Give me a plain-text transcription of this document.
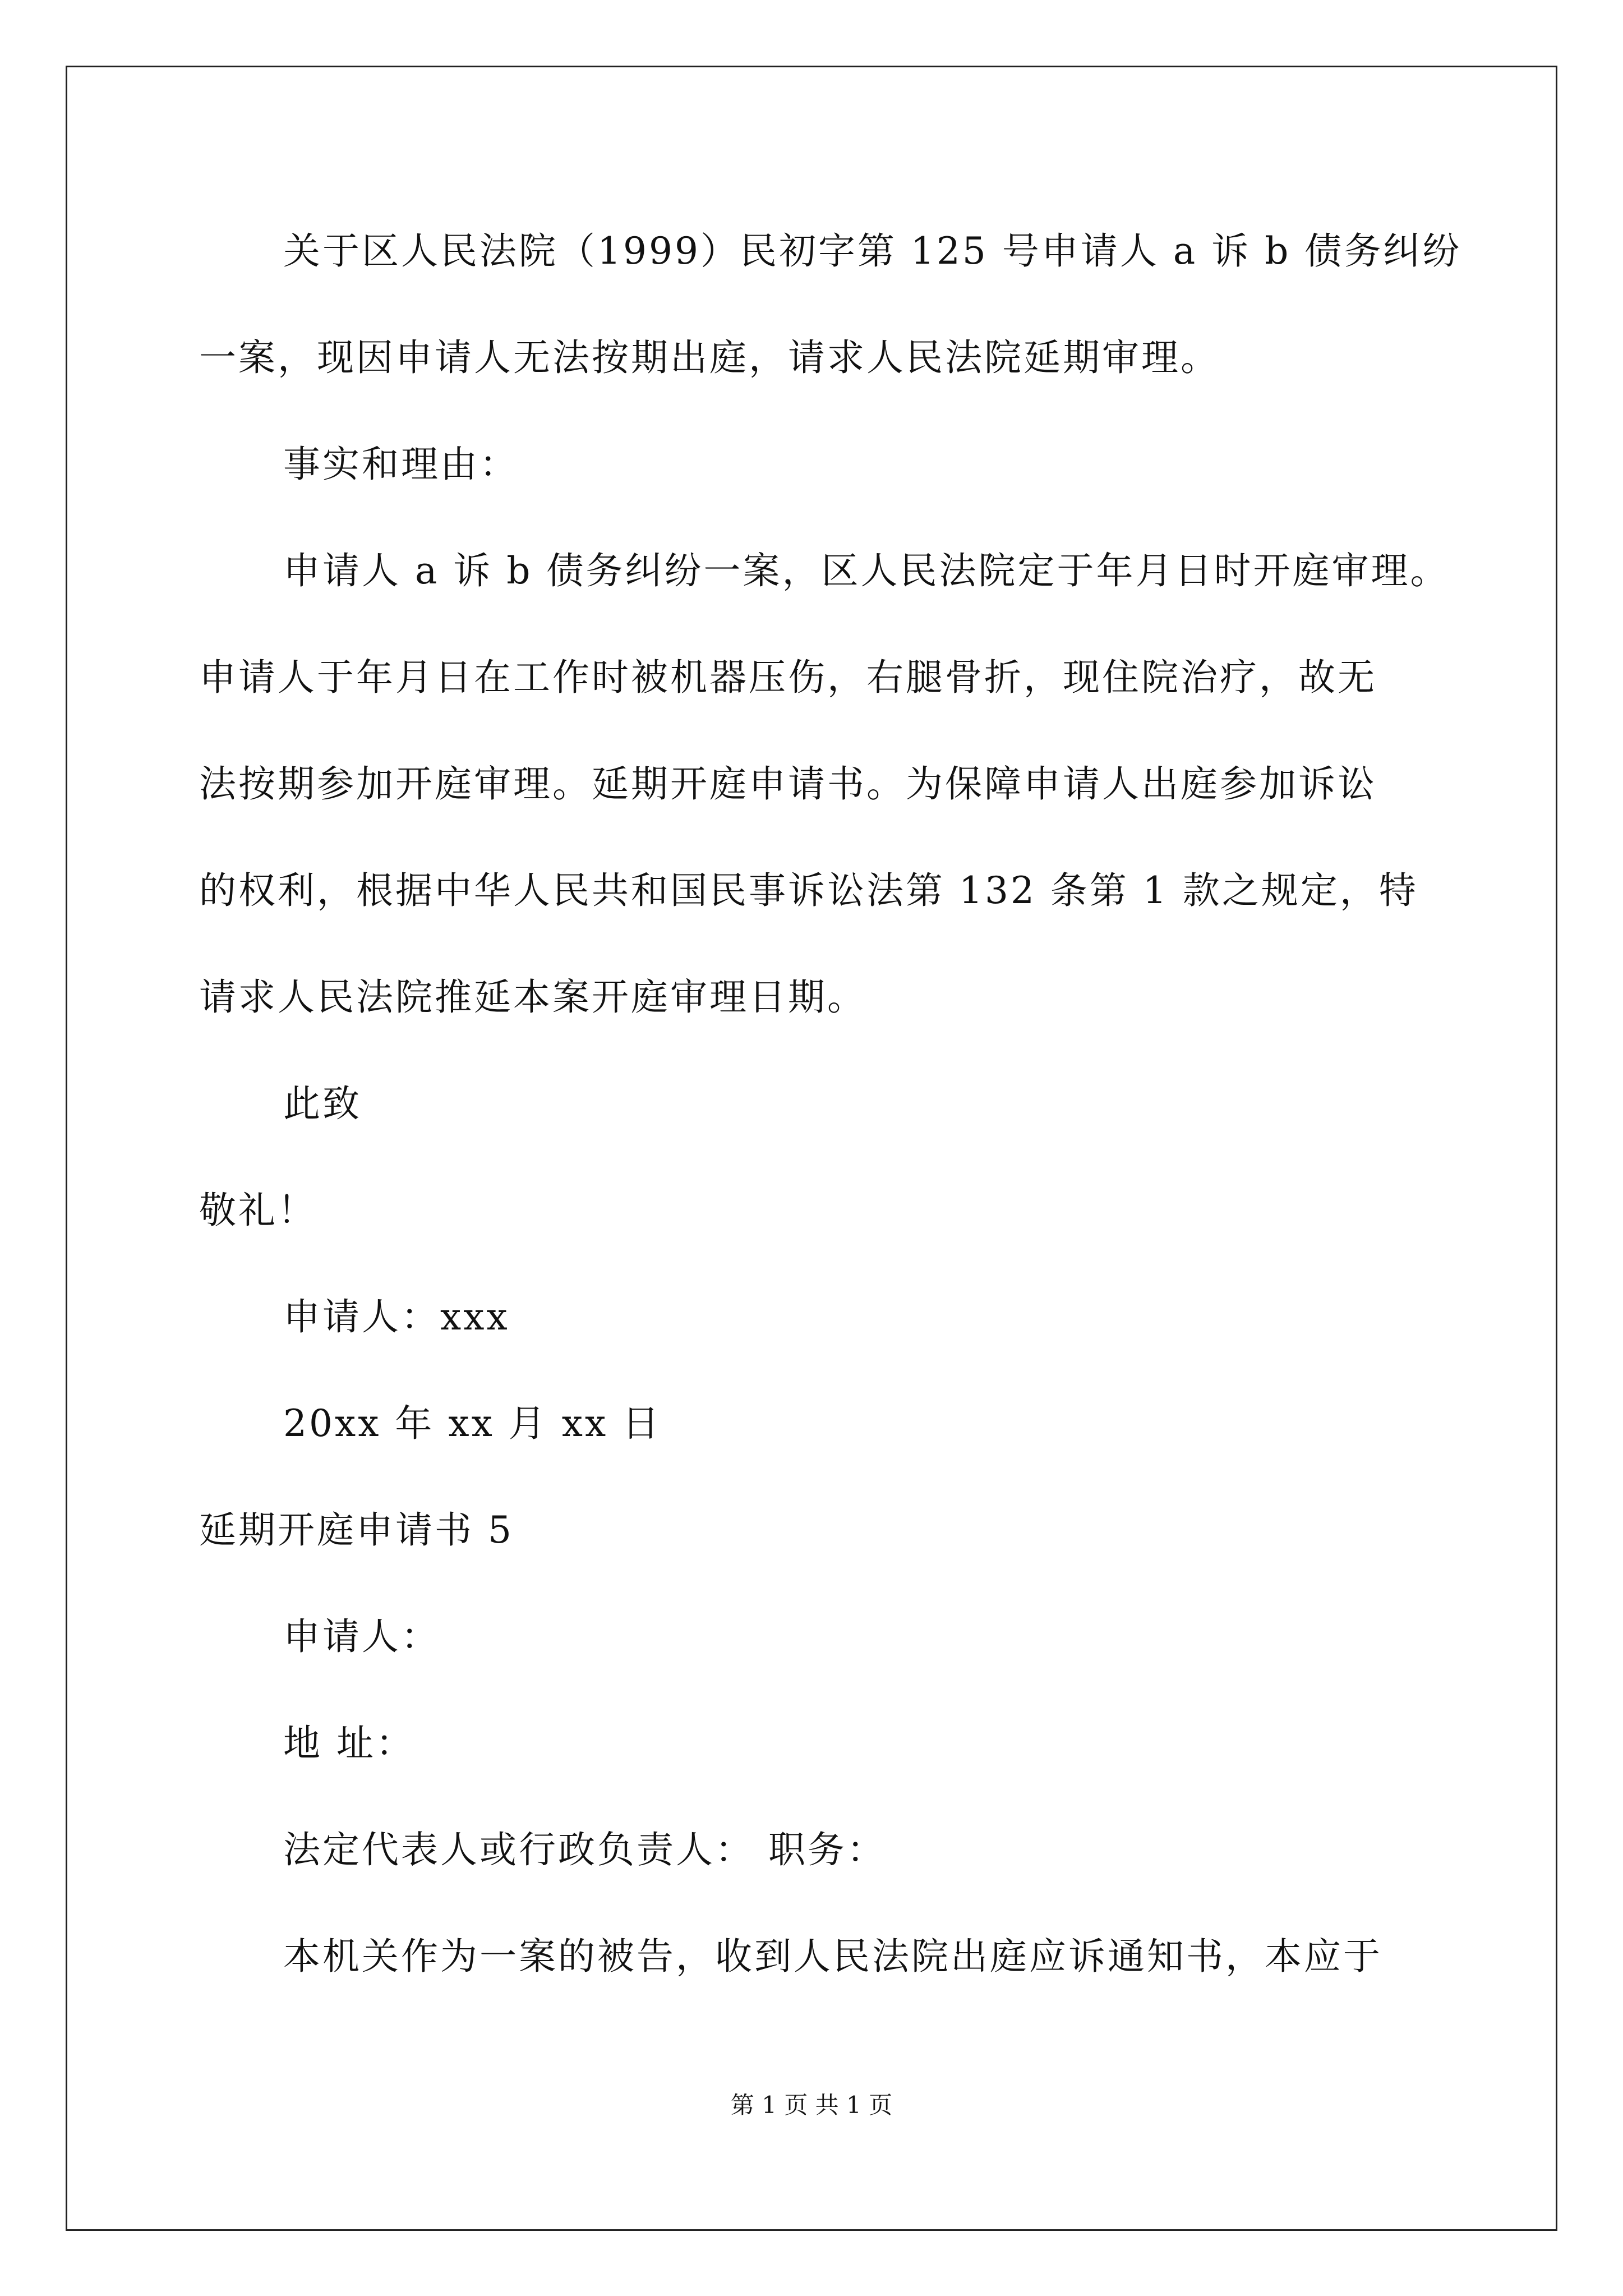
关于区人民法院（1999）民初字第 125 号申请人 a 诉 b 债务纠纷
一案，现因申请人无法按期出庭，请求人民法院延期审理。
事实和理由：
申请人 a 诉 b 债务纠纷一案，区人民法院定于年月日时开庭审理。
申请人于年月日在工作时被机器压伤，右腿骨折，现住院治疗，故无
法按期参加开庭审理。延期开庭申请书。为保障申请人出庭参加诉讼
的权利，根据中华人民共和国民事诉讼法第 132 条第 1 款之规定，特
请求人民法院推延本案开庭审理日期。
此致
敬礼！
申请人：xxx
20xx 年 xx 月 xx 日
延期开庭申请书 5
申请人：
地 址：
法定代表人或行政负责人： 职务：
本机关作为一案的被告，收到人民法院出庭应诉通知书，本应于
第 1 页 共 1 页
